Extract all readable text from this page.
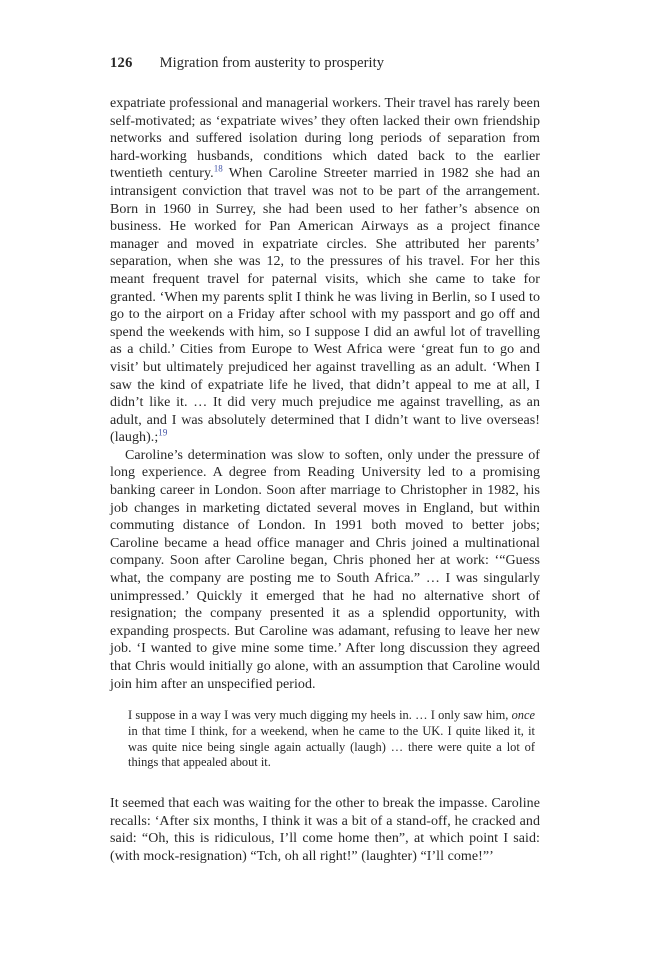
126 Migration from austerity to prosperity

expatriate professional and managerial workers. Their travel has rarely been self-motivated; as ‘expatriate wives’ they often lacked their own friendship networks and suffered isolation during long periods of separation from hard-working husbands, conditions which dated back to the earlier twentieth century.$^{18}$ When Caroline Streeter married in 1982 she had an intransigent conviction that travel was not to be part of the arrangement. Born in 1960 in Surrey, she had been used to her father’s absence on business. He worked for Pan American Airways as a project finance manager and moved in expatriate circles. She attributed her parents’ separation, when she was 12, to the pressures of his travel. For her this meant frequent travel for paternal visits, which she came to take for granted. ‘When my parents split I think he was living in Berlin, so I used to go to the airport on a Friday after school with my passport and go off and spend the weekends with him, so I suppose I did an awful lot of travelling as a child.’ Cities from Europe to West Africa were ‘great fun to go and visit’ but ultimately prejudiced her against travelling as an adult. ‘When I saw the kind of expatriate life he lived, that didn’t appeal to me at all, I didn’t like it. … It did very much prejudice me against travelling, as an adult, and I was absolutely determined that I didn’t want to live overseas! (laugh).;$^{19}$

Caroline’s determination was slow to soften, only under the pressure of long experience. A degree from Reading University led to a promising banking career in London. Soon after marriage to Christopher in 1982, his job changes in marketing dictated several moves in England, but within commuting distance of London. In 1991 both moved to better jobs; Caroline became a head office manager and Chris joined a multinational company. Soon after Caroline began, Chris phoned her at work: ‘“Guess what, the company are posting me to South Africa.” … I was singularly unimpressed.’ Quickly it emerged that he had no alternative short of resignation; the company presented it as a splendid opportunity, with expanding prospects. But Caroline was adamant, refusing to leave her new job. ‘I wanted to give mine some time.’ After long discussion they agreed that Chris would initially go alone, with an assumption that Caroline would join him after an unspecified period.

I suppose in a way I was very much digging my heels in. … I only saw him, once in that time I think, for a weekend, when he came to the UK. I quite liked it, it was quite nice being single again actually (laugh) … there were quite a lot of things that appealed about it.

It seemed that each was waiting for the other to break the impasse. Caroline recalls: ‘After six months, I think it was a bit of a stand-off, he cracked and said: “Oh, this is ridiculous, I’ll come home then”, at which point I said: (with mock-resignation) “Tch, oh all right!” (laughter) “I’ll come!”’
